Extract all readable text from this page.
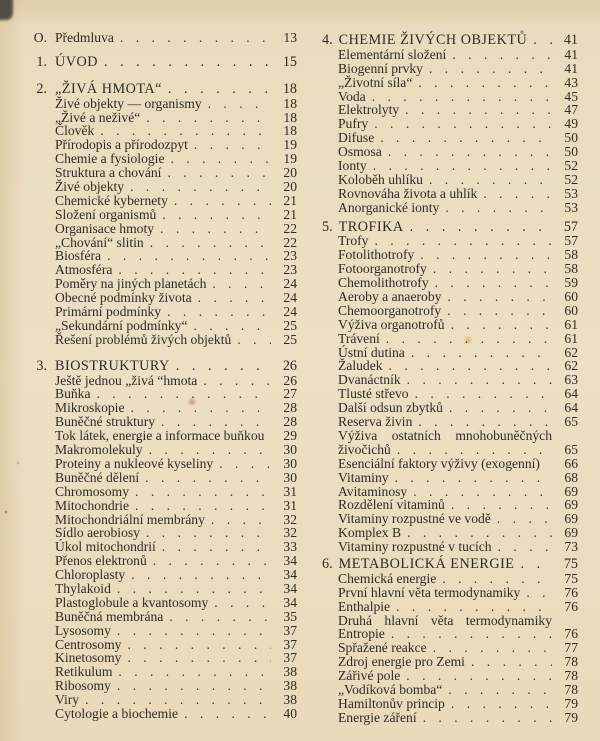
O. Předmluva . . .	13
1. ÚVOD . . .	15
2. „ŽIVÁ HMOTA“ . . .	18
Živé objekty — organismy . . .	18
„Živé a neživé“ . . .	18
Člověk . . .	18
Přírodopis a přírodozpyt . . .	19
Chemie a fysiologie . . .	19
Struktura a chování . . .	20
Živé objekty . . .	20
Chemické kybernety . . .	21
Složení organismů . . .	21
Organisace hmoty . . .	22
„Chování“ slitin . . .	22
Biosféra . . .	23
Atmosféra . . .	23
Poměry na jiných planetách . . .	24
Obecné podmínky života . . .	24
Primární podmínky . . .	24
„Sekundární podmínky“ . . .	25
Řešení problémů živých objektů . . .	25
3. BIOSTRUKTURY . . .	26
Ještě jednou „živá “hmota . . .	26
Buňka . . .	27
Mikroskopie . . .	28
Buněčné struktury . . .	28
Tok látek, energie a informace buňkou	29
Makromolekuly . . .	30
Proteiny a nukleové kyseliny . . .	30
Buněčné dělení . . .	30
Chromosomy . . .	31
Mitochondrie . . .	31
Mitochondriální membrány . . .	32
Sídlo aerobiosy . . .	32
Úkol mitochondrií . . .	33
Přenos elektronů . . .	34
Chloroplasty . . .	34
Thylakoid . . .	34
Plastoglobule a kvantosomy . . .	34
Buněčná membrána . . .	35
Lysosomy . . .	37
Centrosomy . . .	37
Kinetosomy . . .	37
Retikulum . . .	38
Ribosomy . . .	38
Viry . . .	38
Cytologie a biochemie . . .	40
4. CHEMIE ŽIVÝCH OBJEKTŮ . . .	41
Elementární složení . . .	41
Biogenní prvky . . .	41
„Životní síla“ . . .	43
Voda . . .	45
Elektrolyty . . .	47
Pufry . . .	49
Difuse . . .	50
Osmosa . . .	50
Ionty . . .	52
Koloběh uhlíku . . .	52
Rovnováha života a uhlík . . .	53
Anorganické ionty . . .	53
5. TROFIKA . . .	57
Trofy . . .	57
Fotolithotrofy . . .	58
Fotoorganotrofy . . .	58
Chemolithotrofy . . .	59
Aeroby a anaeroby . . .	60
Chemoorganotrofy . . .	60
Výživa organotrofů . . .	61
Trávení . . .	61
Ústní dutina . . .	62
Žaludek . . .	62
Dvanáctník . . .	63
Tlusté střevo . . .	64
Další odsun zbytků . . .	64
Reserva živin . . .	65
Výživa ostatních mnohobuněčných
živočichů . . .	65
Esenciální faktory výživy (exogenní)	66
Vitaminy . . .	68
Avitaminosy . . .	69
Rozdělení vitaminů . . .	69
Vitaminy rozpustné ve vodě . . .	69
Komplex B . . .	69
Vitaminy rozpustné v tucích . . .	73
6. METABOLICKÁ ENERGIE . . .	75
Chemická energie . . .	75
První hlavní věta termodynamiky . . .	76
Enthalpie . . .	76
Druhá hlavní věta termodynamiky
Entropie . . .	76
Spřažené reakce . . .	77
Zdroj energie pro Zemi . . .	78
Zářivé pole . . .	78
„Vodíková bomba“ . . .	78
Hamiltonův princip . . .	79
Energie záření . . .	79
